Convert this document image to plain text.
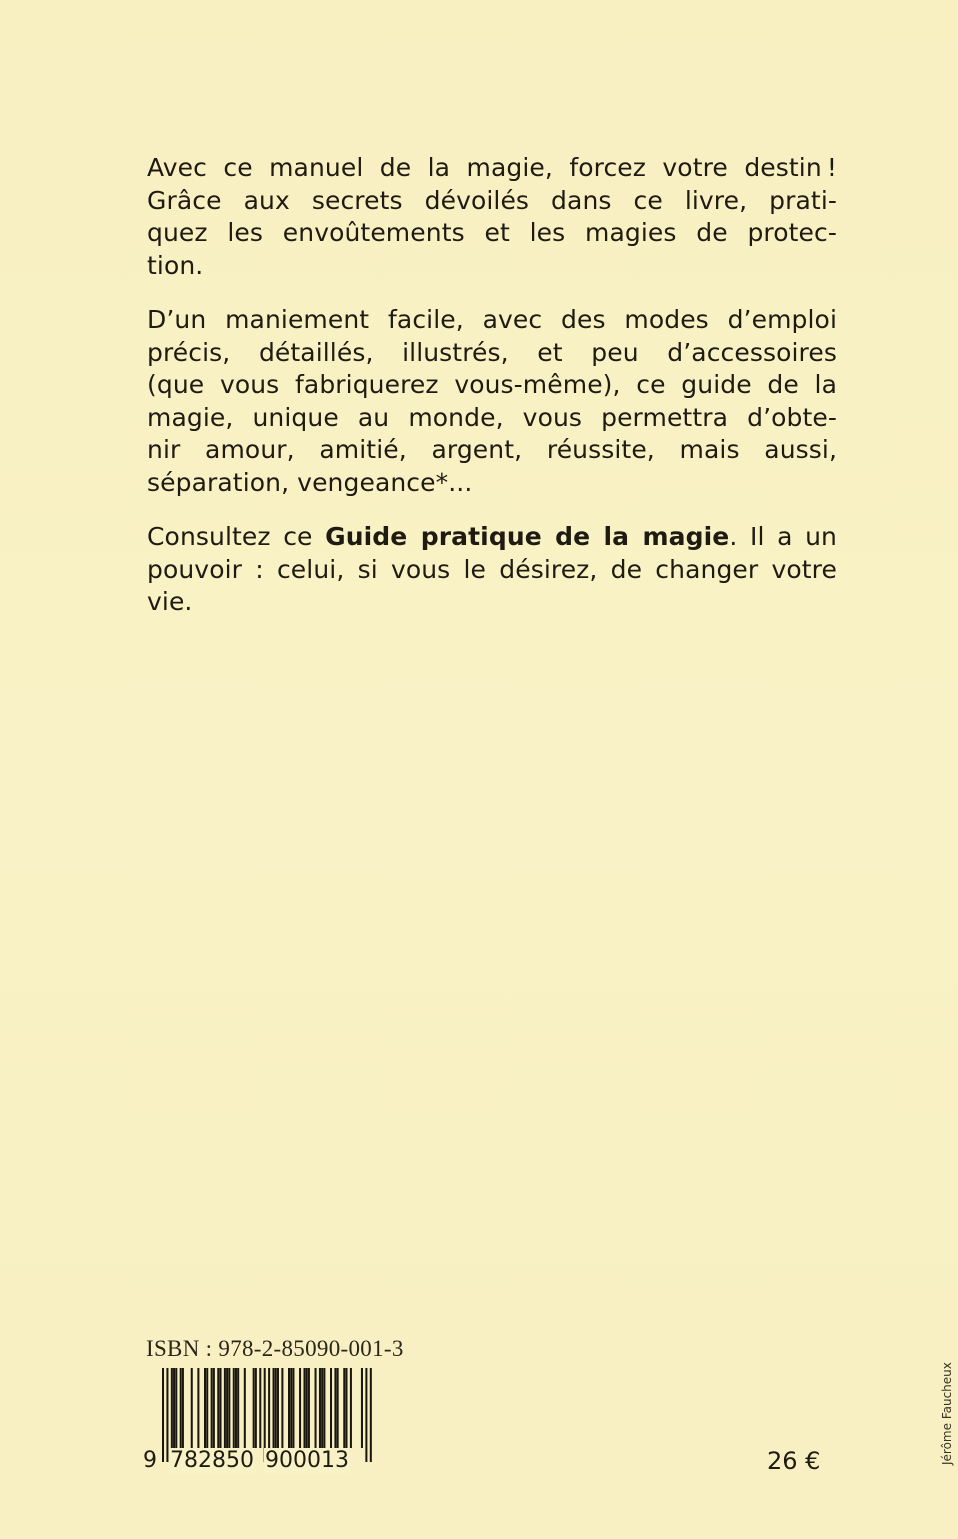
Avec ce manuel de la magie, forcez votre destin !
Grâce aux secrets dévoilés dans ce livre, prati-
quez les envoûtements et les magies de protec-
tion.

D’un maniement facile, avec des modes d’emploi
précis, détaillés, illustrés, et peu d’accessoires
(que vous fabriquerez vous-même), ce guide de la
magie, unique au monde, vous permettra d’obte-
nir amour, amitié, argent, réussite, mais aussi,
séparation, vengeance*...

Consultez ce Guide pratique de la magie. Il a un
pouvoir : celui, si vous le désirez, de changer votre
vie.

ISBN : 978-2-85090-001-3
9 782850 900013	26 €	Jérôme Faucheux
